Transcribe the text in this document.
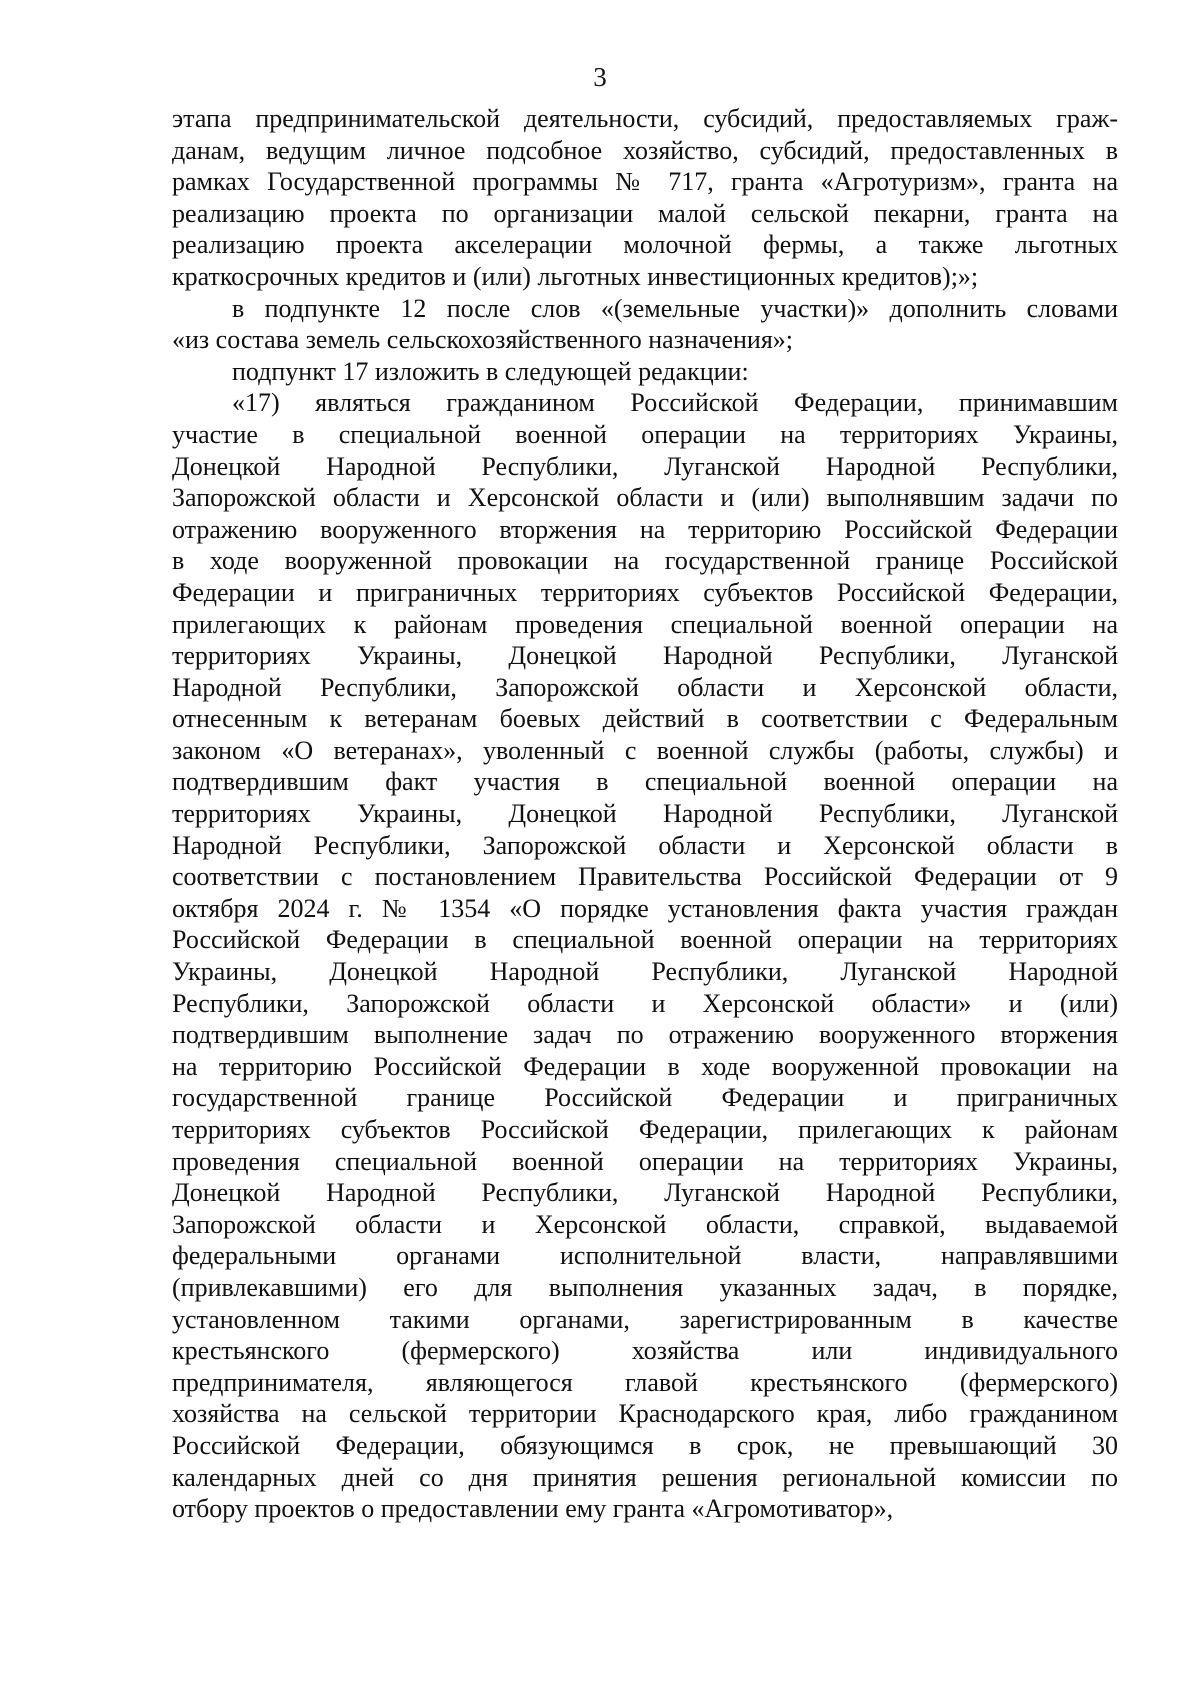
3
этапа предпринимательской деятельности, субсидий, предоставляемых граж-
данам, ведущим личное подсобное хозяйство, субсидий, предоставленных в
рамках Государственной программы № 717, гранта «Агротуризм», гранта на
реализацию проекта по организации малой сельской пекарни, гранта на
реализацию проекта акселерации молочной фермы, а также льготных
краткосрочных кредитов и (или) льготных инвестиционных кредитов);»;
в подпункте 12 после слов «(земельные участки)» дополнить словами
«из состава земель сельскохозяйственного назначения»;
подпункт 17 изложить в следующей редакции:
«17) являться гражданином Российской Федерации, принимавшим
участие в специальной военной операции на территориях Украины,
Донецкой Народной Республики, Луганской Народной Республики,
Запорожской области и Херсонской области и (или) выполнявшим задачи по
отражению вооруженного вторжения на территорию Российской Федерации
в ходе вооруженной провокации на государственной границе Российской
Федерации и приграничных территориях субъектов Российской Федерации,
прилегающих к районам проведения специальной военной операции на
территориях Украины, Донецкой Народной Республики, Луганской
Народной Республики, Запорожской области и Херсонской области,
отнесенным к ветеранам боевых действий в соответствии с Федеральным
законом «О ветеранах», уволенный с военной службы (работы, службы) и
подтвердившим факт участия в специальной военной операции на
территориях Украины, Донецкой Народной Республики, Луганской
Народной Республики, Запорожской области и Херсонской области в
соответствии с постановлением Правительства Российской Федерации от 9
октября 2024 г. № 1354 «О порядке установления факта участия граждан
Российской Федерации в специальной военной операции на территориях
Украины, Донецкой Народной Республики, Луганской Народной
Республики, Запорожской области и Херсонской области» и (или)
подтвердившим выполнение задач по отражению вооруженного вторжения
на территорию Российской Федерации в ходе вооруженной провокации на
государственной границе Российской Федерации и приграничных
территориях субъектов Российской Федерации, прилегающих к районам
проведения специальной военной операции на территориях Украины,
Донецкой Народной Республики, Луганской Народной Республики,
Запорожской области и Херсонской области, справкой, выдаваемой
федеральными органами исполнительной власти, направлявшими
(привлекавшими) его для выполнения указанных задач, в порядке,
установленном такими органами, зарегистрированным в качестве
крестьянского (фермерского) хозяйства или индивидуального
предпринимателя, являющегося главой крестьянского (фермерского)
хозяйства на сельской территории Краснодарского края, либо гражданином
Российской Федерации, обязующимся в срок, не превышающий 30
календарных дней со дня принятия решения региональной комиссии по
отбору проектов о предоставлении ему гранта «Агромотиватор»,
